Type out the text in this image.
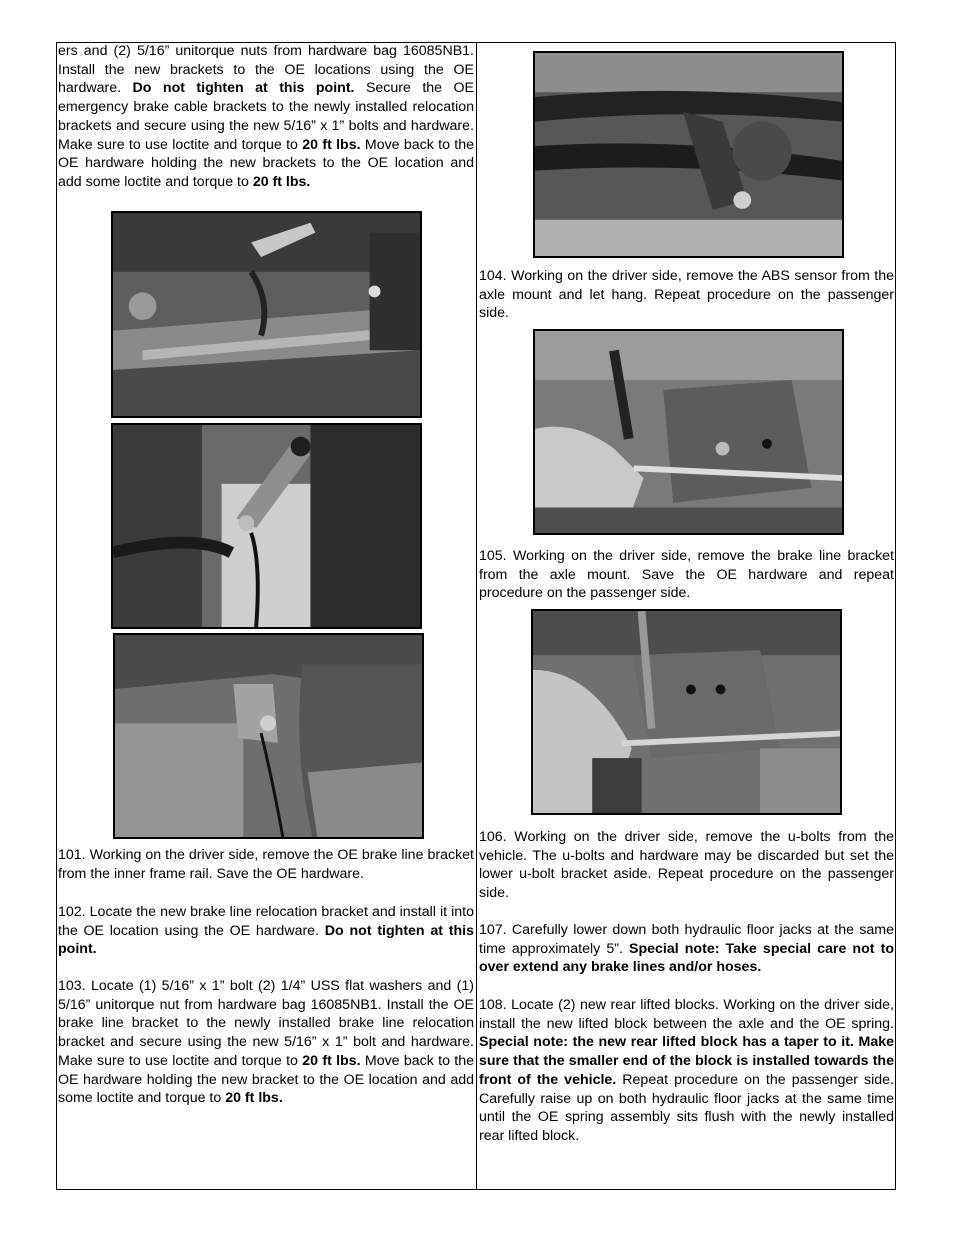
ers and (2) 5/16” unitorque nuts from hardware bag 16085NB1. Install the new brackets to the OE locations using the OE hardware. Do not tighten at this point. Secure the OE emergency brake cable brackets to the newly installed relocation brackets and secure using the new 5/16” x 1” bolts and hardware. Make sure to use loctite and torque to 20 ft lbs. Move back to the OE hardware holding the new brackets to the OE location and add some loctite and torque to 20 ft lbs.

101. Working on the driver side, remove the OE brake line bracket from the inner frame rail. Save the OE hardware.

102. Locate the new brake line relocation bracket and install it into the OE location using the OE hardware. Do not tighten at this point.

103. Locate (1) 5/16” x 1” bolt (2) 1/4” USS flat washers and (1) 5/16” unitorque nut from hardware bag 16085NB1. Install the OE brake line bracket to the newly installed brake line relocation bracket and secure using the new 5/16” x 1” bolt and hardware. Make sure to use loctite and torque to 20 ft lbs. Move back to the OE hardware holding the new bracket to the OE location and add some loctite and torque to 20 ft lbs.

104. Working on the driver side, remove the ABS sensor from the axle mount and let hang. Repeat procedure on the passenger side.

105. Working on the driver side, remove the brake line bracket from the axle mount. Save the OE hardware and repeat procedure on the passenger side.

106. Working on the driver side, remove the u-bolts from the vehicle. The u-bolts and hardware may be discarded but set the lower u-bolt bracket aside. Repeat procedure on the passenger side.

107. Carefully lower down both hydraulic floor jacks at the same time approximately 5”. Special note: Take special care not to over extend any brake lines and/or hoses.

108. Locate (2) new rear lifted blocks. Working on the driver side, install the new lifted block between the axle and the OE spring. Special note: the new rear lifted block has a taper to it. Make sure that the smaller end of the block is installed towards the front of the vehicle. Repeat procedure on the passenger side. Carefully raise up on both hydraulic floor jacks at the same time until the OE spring assembly sits flush with the newly installed rear lifted block.
